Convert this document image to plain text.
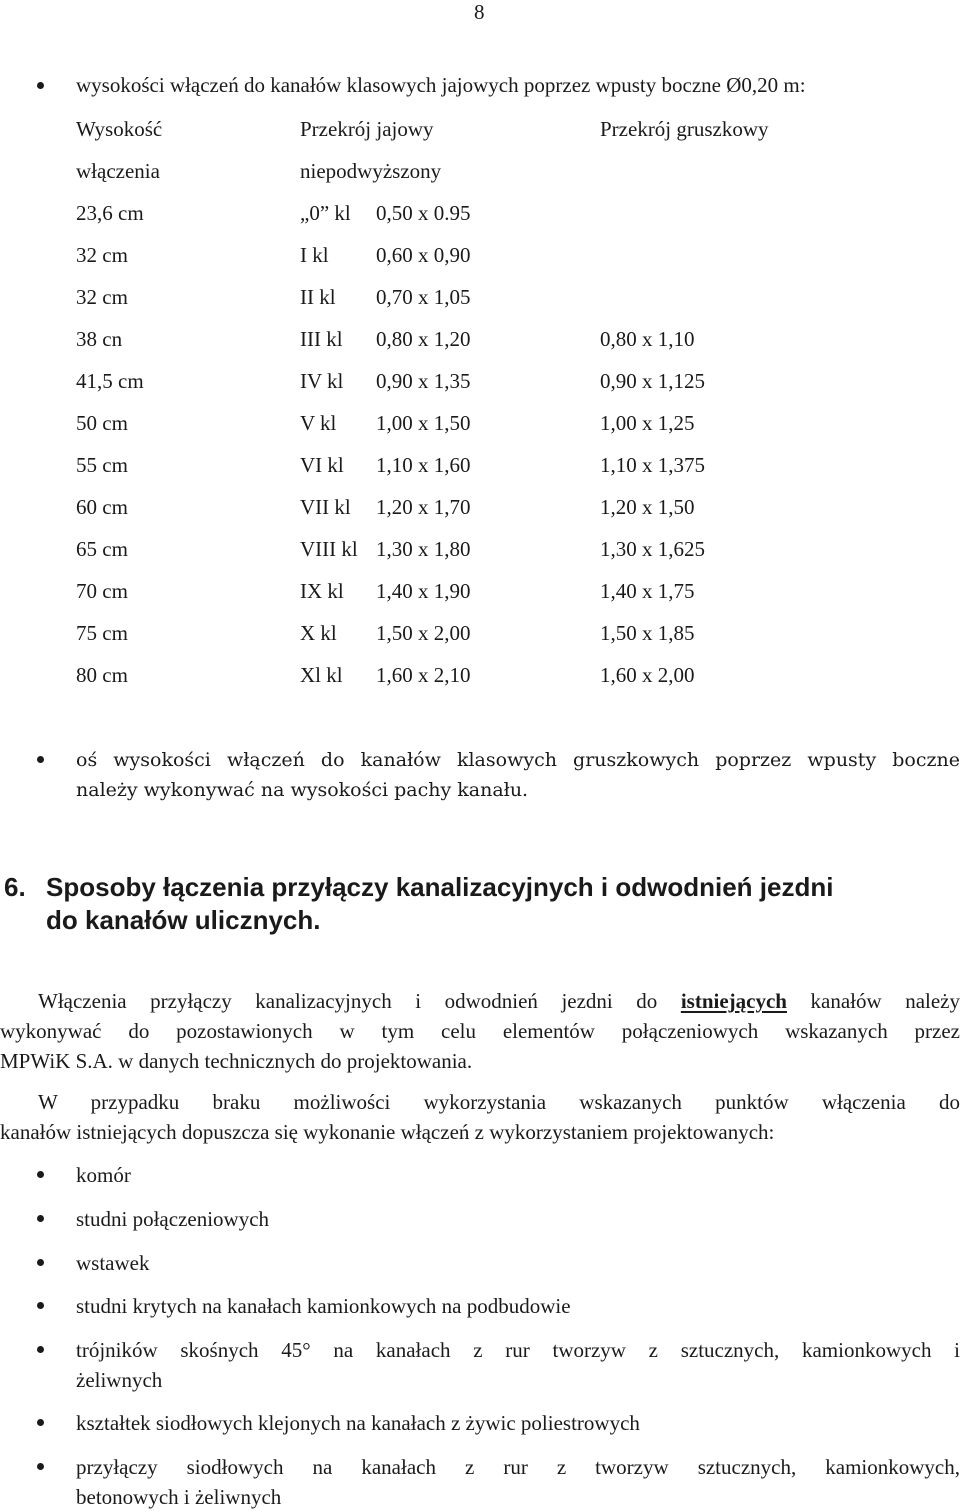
8
wysokości włączeń do kanałów klasowych jajowych poprzez wpusty boczne Ø0,20 m:
Wysokość	Przekrój jajowy	Przekrój gruszkowy
włączenia	niepodwyższony
23,6 cm	„0” kl 0,50 x 0.95
32 cm	I kl 0,60 x 0,90
32 cm	II kl 0,70 x 1,05
38 cn	III kl 0,80 x 1,20	0,80 x 1,10
41,5 cm	IV kl 0,90 x 1,35	0,90 x 1,125
50 cm	V kl 1,00 x 1,50	1,00 x 1,25
55 cm	VI kl 1,10 x 1,60	1,10 x 1,375
60 cm	VII kl 1,20 x 1,70	1,20 x 1,50
65 cm	VIII kl 1,30 x 1,80	1,30 x 1,625
70 cm	IX kl 1,40 x 1,90	1,40 x 1,75
75 cm	X kl 1,50 x 2,00	1,50 x 1,85
80 cm	Xl kl 1,60 x 2,10	1,60 x 2,00
oś wysokości włączeń do kanałów klasowych gruszkowych poprzez wpusty boczne
należy wykonywać na wysokości pachy kanału.
6. Sposoby łączenia przyłączy kanalizacyjnych i odwodnień jezdni
do kanałów ulicznych.
Włączenia przyłączy kanalizacyjnych i odwodnień jezdni do istniejących kanałów należy
wykonywać do pozostawionych w tym celu elementów połączeniowych wskazanych przez
MPWiK S.A. w danych technicznych do projektowania.
W przypadku braku możliwości wykorzystania wskazanych punktów włączenia do
kanałów istniejących dopuszcza się wykonanie włączeń z wykorzystaniem projektowanych:
komór
studni połączeniowych
wstawek
studni krytych na kanałach kamionkowych na podbudowie
trójników skośnych 45° na kanałach z rur tworzyw z sztucznych, kamionkowych i
żeliwnych
kształtek siodłowych klejonych na kanałach z żywic poliestrowych
przyłączy siodłowych na kanałach z rur z tworzyw sztucznych, kamionkowych,
betonowych i żeliwnych
